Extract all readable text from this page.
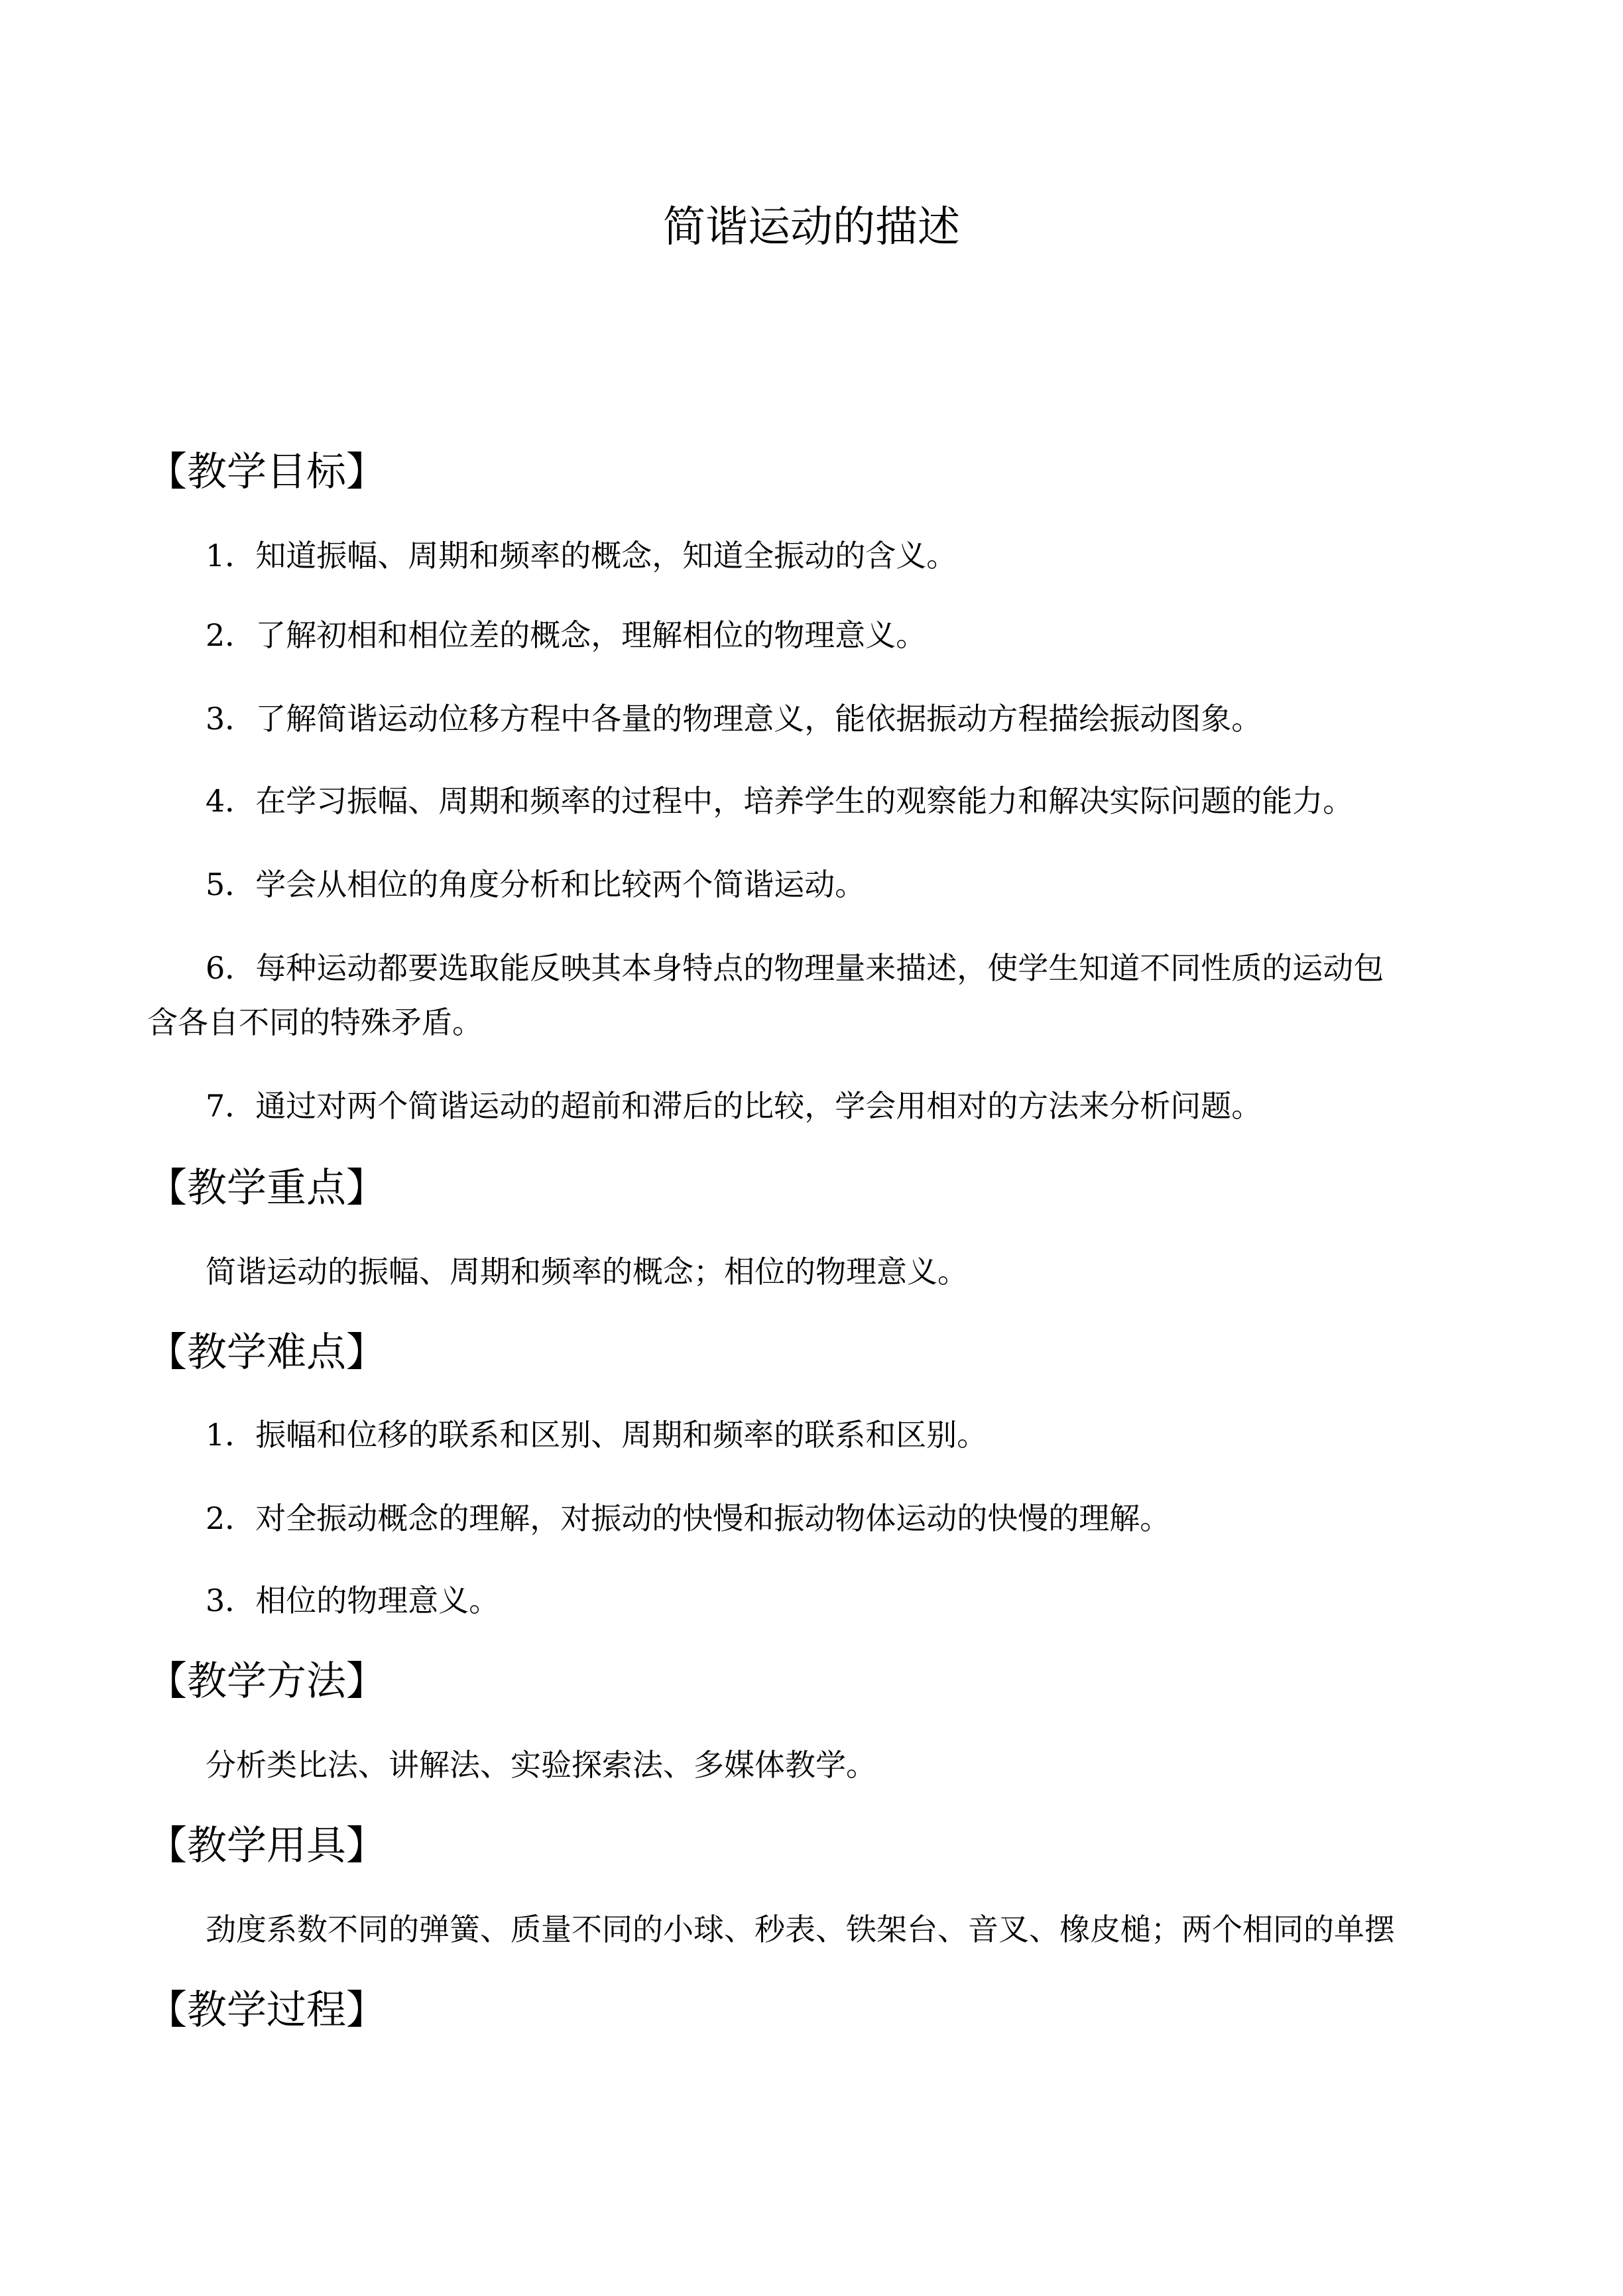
简谐运动的描述
【教学目标】

1．知道振幅、周期和频率的概念，知道全振动的含义。

2．了解初相和相位差的概念，理解相位的物理意义。

3．了解简谐运动位移方程中各量的物理意义，能依据振动方程描绘振动图象。

4．在学习振幅、周期和频率的过程中，培养学生的观察能力和解决实际问题的能力。

5．学会从相位的角度分析和比较两个简谐运动。

6．每种运动都要选取能反映其本身特点的物理量来描述，使学生知道不同性质的运动包

含各自不同的特殊矛盾。

7．通过对两个简谐运动的超前和滞后的比较，学会用相对的方法来分析问题。

【教学重点】

简谐运动的振幅、周期和频率的概念；相位的物理意义。

【教学难点】

1．振幅和位移的联系和区别、周期和频率的联系和区别。

2．对全振动概念的理解，对振动的快慢和振动物体运动的快慢的理解。

3．相位的物理意义。

【教学方法】

分析类比法、讲解法、实验探索法、多媒体教学。

【教学用具】

劲度系数不同的弹簧、质量不同的小球、秒表、铁架台、音叉、橡皮槌；两个相同的单摆

【教学过程】
